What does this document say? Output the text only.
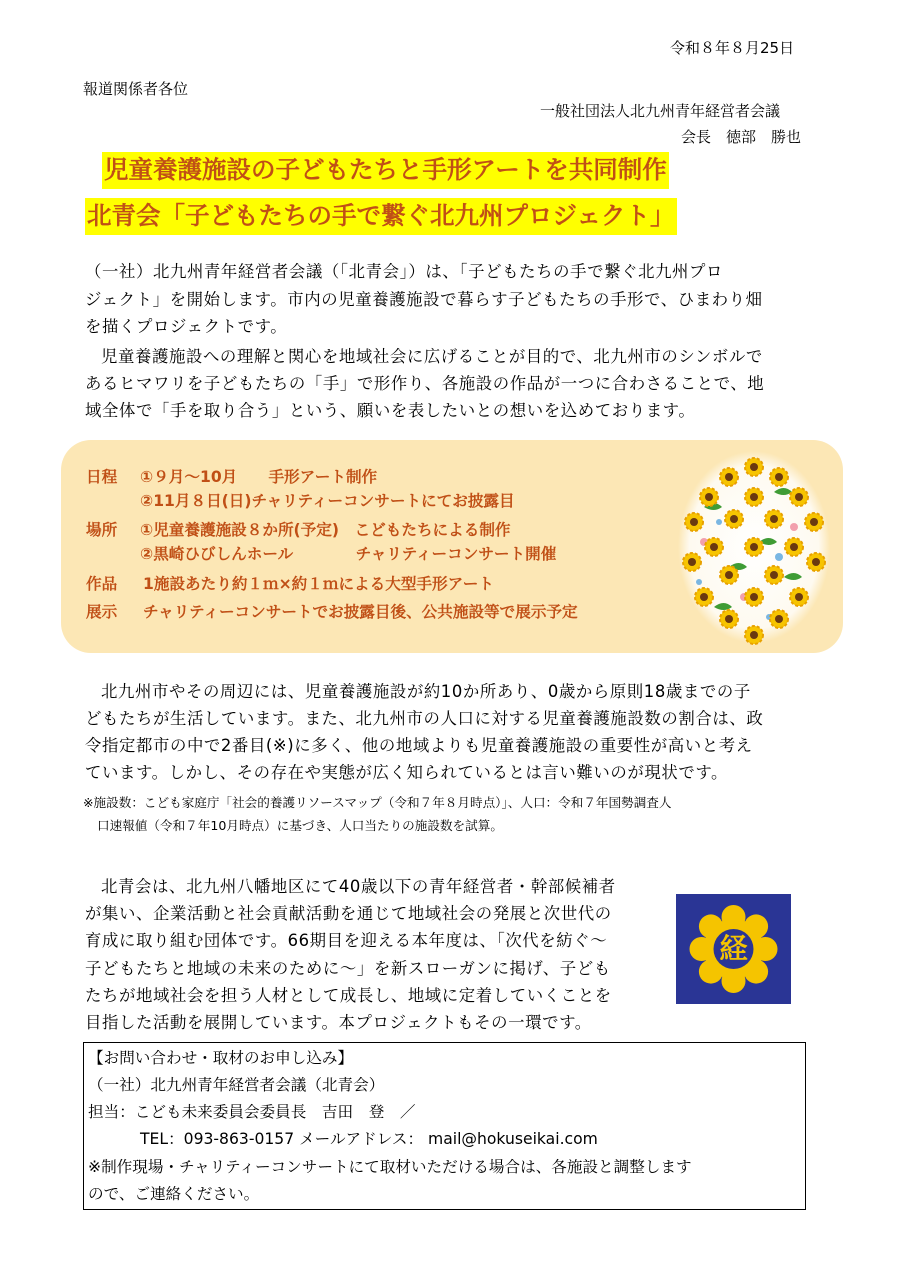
令和８年８月25日
報道関係者各位
一般社団法人北九州青年経営者会議
会長　徳部　勝也
児童養護施設の子どもたちと手形アートを共同制作
北青会「子どもたちの手で繋ぐ北九州プロジェクト」
（一社）北九州青年経営者会議（「北青会」）は、「子どもたちの手で繋ぐ北九州プロ
ジェクト」を開始します。市内の児童養護施設で暮らす子どもたちの手形で、ひまわり畑
を描くプロジェクトです。
児童養護施設への理解と関心を地域社会に広げることが目的で、北九州市のシンボルで
あるヒマワリを子どもたちの「手」で形作り、各施設の作品が一つに合わさることで、地
域全体で「手を取り合う」という、願いを表したいとの想いを込めております。
日程 ①９月～10月　　手形アート制作
②11月８日(日)チャリティーコンサートにてお披露目
場所 ①児童養護施設８か所(予定)　こどもたちによる制作
②黒崎ひびしんホール　　　　チャリティーコンサート開催
作品 1施設あたり約１ｍ×約１ｍによる大型手形アート
展示 チャリティーコンサートでお披露目後、公共施設等で展示予定
北九州市やその周辺には、児童養護施設が約10か所あり、0歳から原則18歳までの子
どもたちが生活しています。また、北九州市の人口に対する児童養護施設数の割合は、政
令指定都市の中で2番目(※)に多く、他の地域よりも児童養護施設の重要性が高いと考え
ています。しかし、その存在や実態が広く知られているとは言い難いのが現状です。
※施設数：こども家庭庁「社会的養護リソースマップ（令和７年８月時点）」、人口：令和７年国勢調査人
口速報値（令和７年10月時点）に基づき、人口当たりの施設数を試算。
北青会は、北九州八幡地区にて40歳以下の青年経営者・幹部候補者
が集い、企業活動と社会貢献活動を通じて地域社会の発展と次世代の
育成に取り組む団体です。66期目を迎える本年度は、「次代を紡ぐ～
子どもたちと地域の未来のために～」を新スローガンに掲げ、子ども
たちが地域社会を担う人材として成長し、地域に定着していくことを
目指した活動を展開しています。本プロジェクトもその一環です。
経
【お問い合わせ・取材のお申し込み】
（一社）北九州青年経営者会議（北青会）
担当：こども未来委員会委員長　吉田　登　／
TEL：093-863-0157 メールアドレス： mail@hokuseikai.com
※制作現場・チャリティーコンサートにて取材いただける場合は、各施設と調整します
ので、ご連絡ください。
